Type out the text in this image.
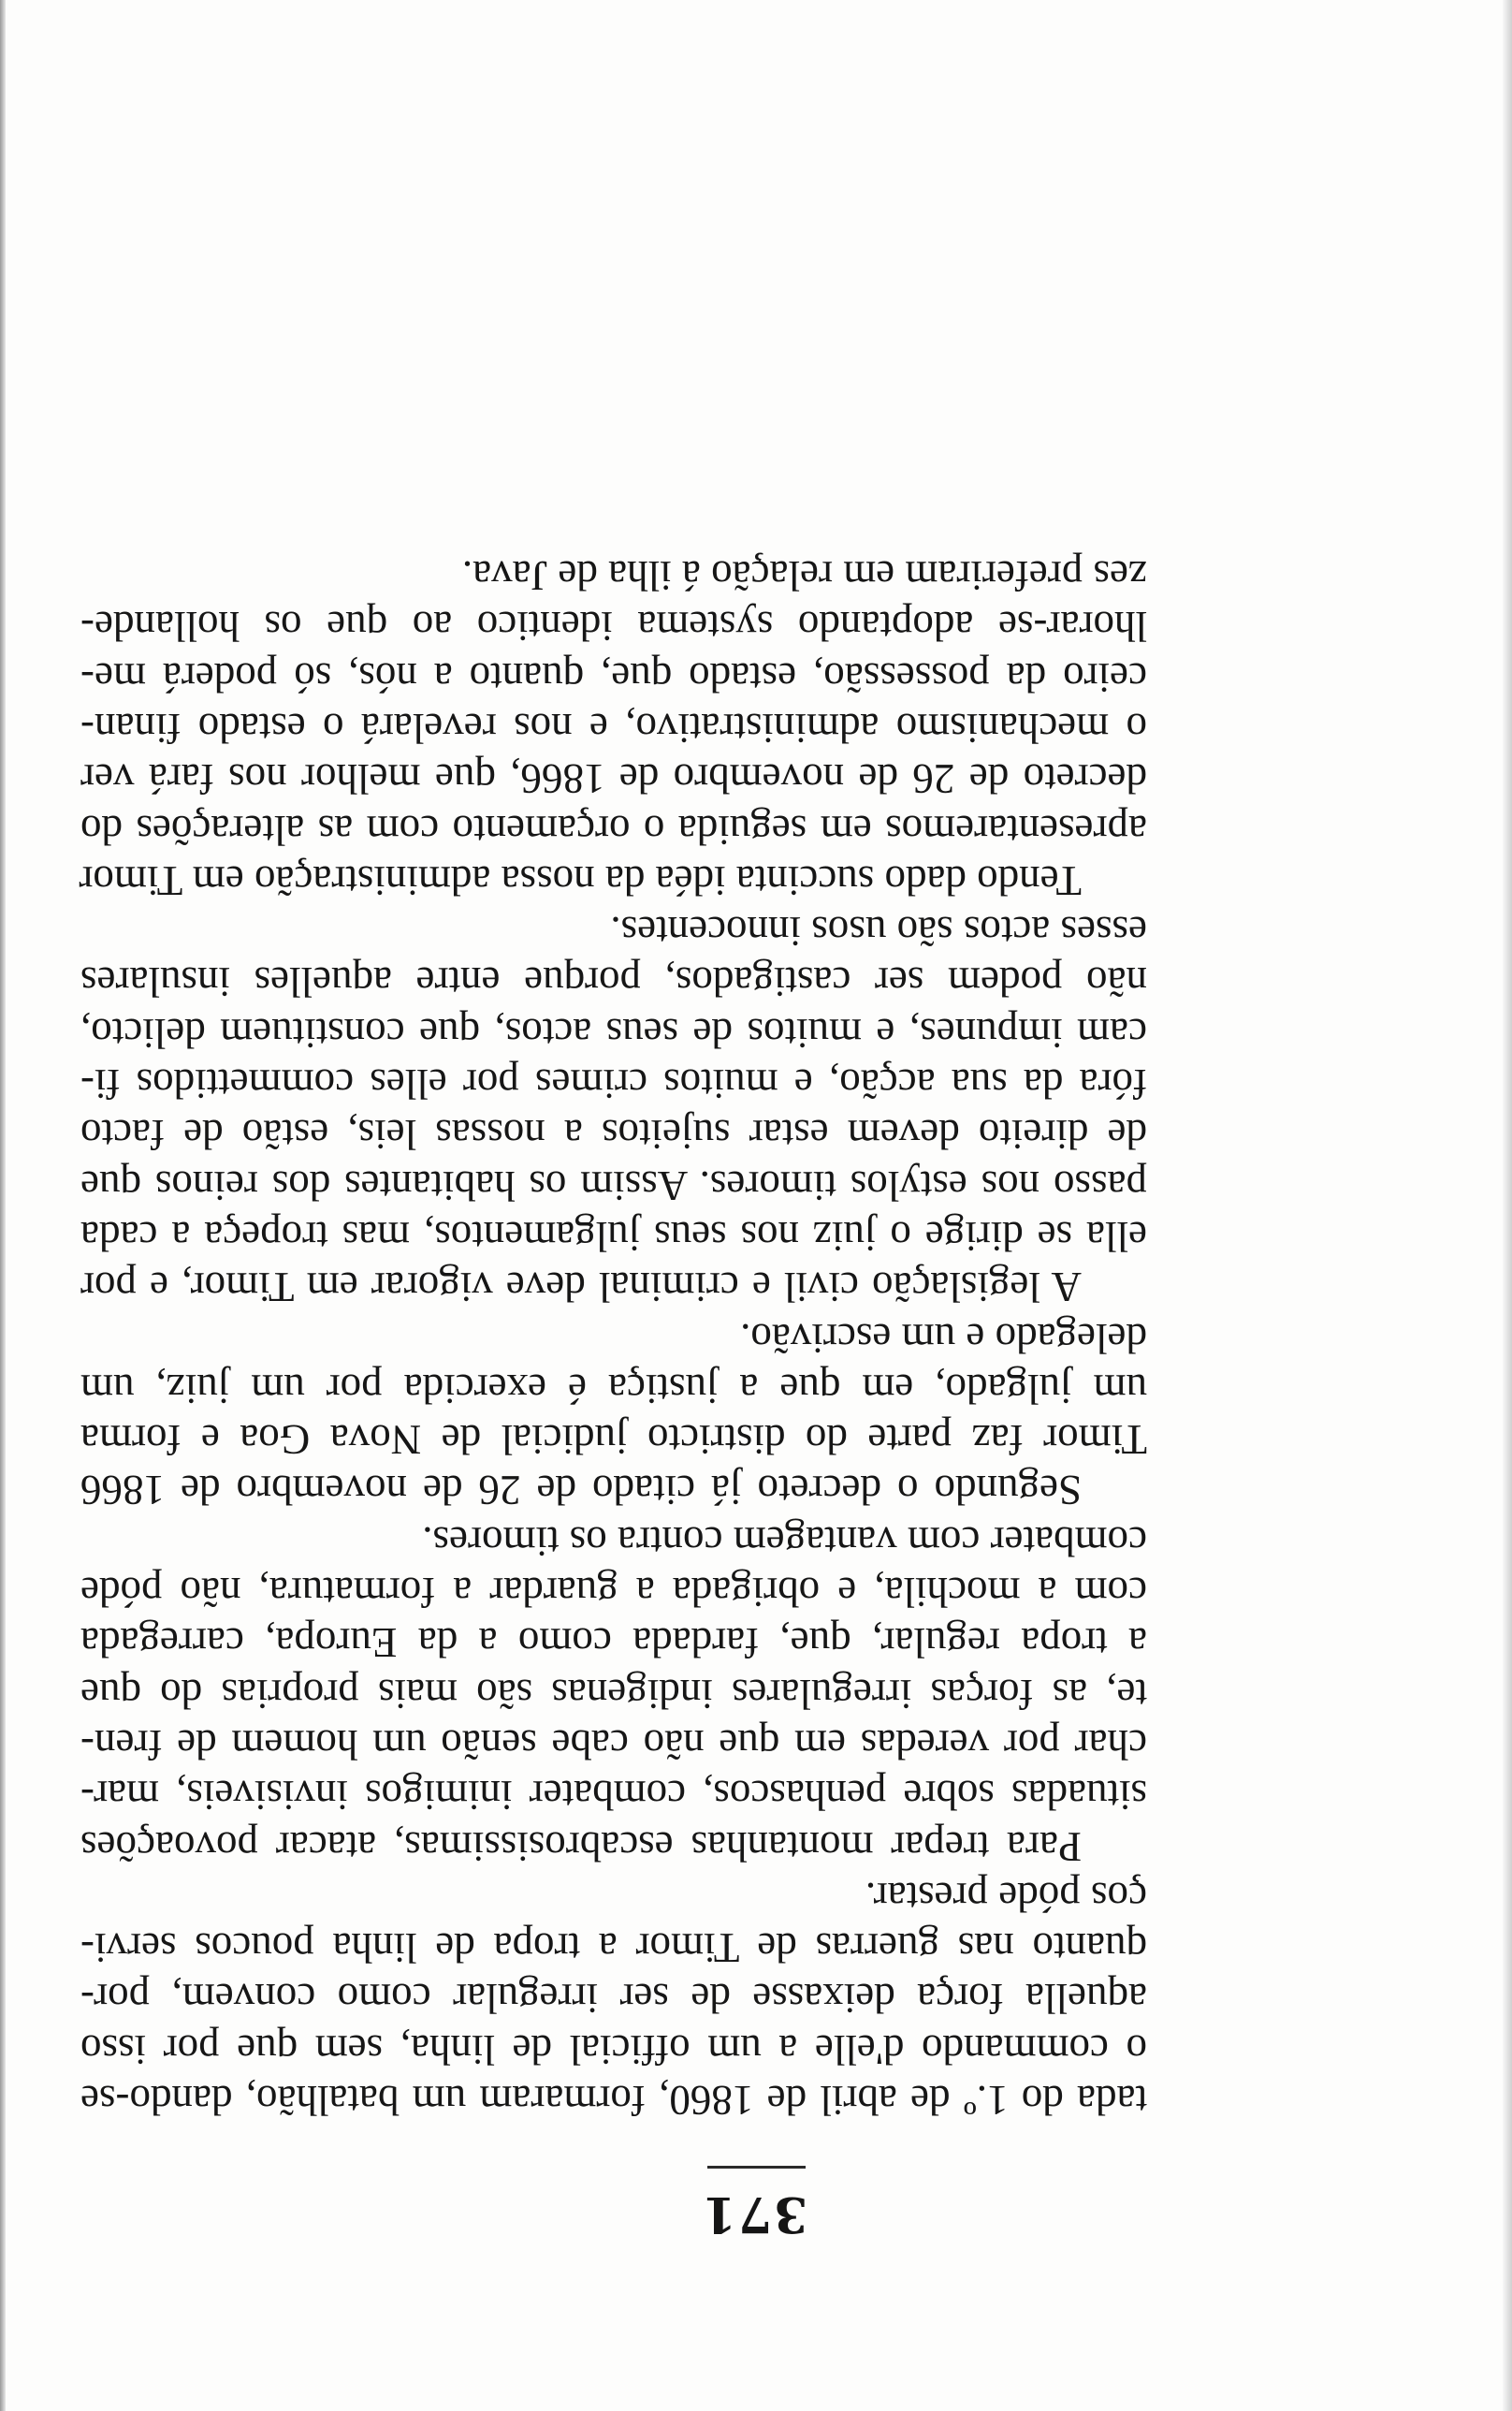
371
tada do 1.º de abril de 1860, formaram um batalhão, dando-se
o commando d'elle a um official de linha, sem que por isso
aquella força deixasse de ser irregular como convem, por-
quanto nas guerras de Timor a tropa de linha poucos servi-
ços póde prestar.
Para trepar montanhas escabrosissimas, atacar povoações
situadas sobre penhascos, combater inimigos invisiveis, mar-
char por veredas em que não cabe senão um homem de fren-
te, as forças irregulares indigenas são mais proprias do que
a tropa regular, que, fardada como a da Europa, carregada
com a mochila, e obrigada a guardar a formatura, não póde
combater com vantagem contra os timores.
Segundo o decreto já citado de 26 de novembro de 1866
Timor faz parte do districto judicial de Nova Goa e forma
um julgado, em que a justiça é exercida por um juiz, um
delegado e um escrivão.
A legislação civil e criminal deve vigorar em Timor, e por
ella se dirige o juiz nos seus julgamentos, mas tropeça a cada
passo nos estylos timores. Assim os habitantes dos reinos que
de direito devem estar sujeitos a nossas leis, estão de facto
fóra da sua acção, e muitos crimes por elles commettidos fi-
cam impunes, e muitos de seus actos, que constituem delicto,
não podem ser castigados, porque entre aquelles insulares
esses actos são usos innocentes.
Tendo dado succinta idéa da nossa administração em Timor
apresentaremos em seguida o orçamento com as alterações do
decreto de 26 de novembro de 1866, que melhor nos fará ver
o mechanismo administrativo, e nos revelará o estado finan-
ceiro da possessão, estado que, quanto a nós, só poderá me-
lhorar-se adoptando systema identico ao que os hollande-
zes preferiram em relação á ilha de Java.
